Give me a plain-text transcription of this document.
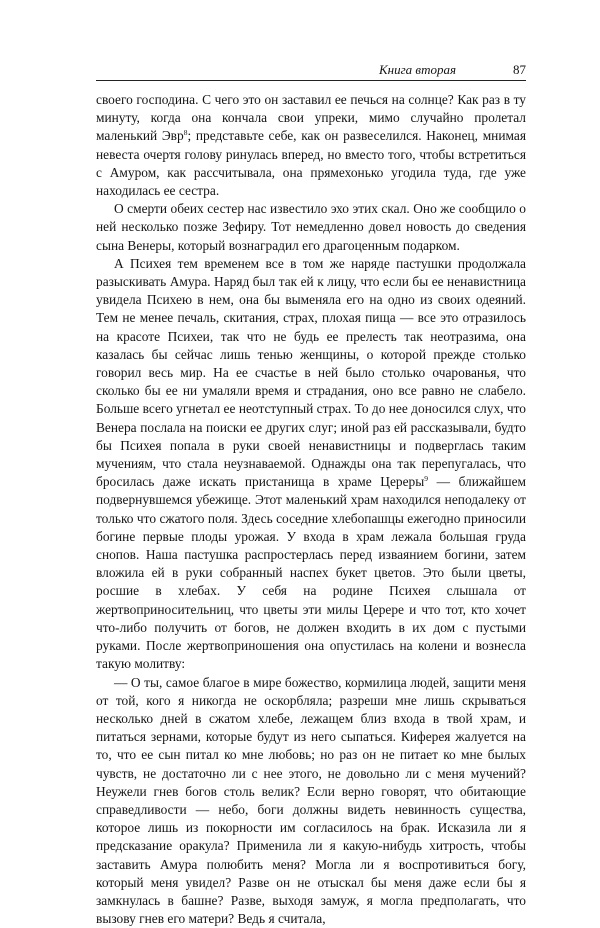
Книга вторая	87

своего господина. С чего это он заставил ее печься на солнце? Как раз в ту минуту, когда она кончала свои упреки, мимо случайно пролетал маленький Эвр$^8$; представьте себе, как он развеселился. Наконец, мнимая невеста очертя голову ринулась вперед, но вместо того, чтобы встретиться с Амуром, как рассчитывала, она прямехонько угодила туда, где уже находилась ее сестра.

О смерти обеих сестер нас известило эхо этих скал. Оно же сообщило о ней несколько позже Зефиру. Тот немедленно довел новость до сведения сына Венеры, который вознаградил его драгоценным подарком.

А Психея тем временем все в том же наряде пастушки продолжала разыскивать Амура. Наряд был так ей к лицу, что если бы ее ненавистница увидела Психею в нем, она бы выменяла его на одно из своих одеяний. Тем не менее печаль, скитания, страх, плохая пища — все это отразилось на красоте Психеи, так что не будь ее прелесть так неотразима, она казалась бы сейчас лишь тенью женщины, о которой прежде столько говорил весь мир. На ее счастье в ней было столько очарованья, что сколько бы ее ни умаляли время и страдания, оно все равно не слабело. Больше всего угнетал ее неотступный страх. То до нее доносился слух, что Венера послала на поиски ее других слуг; иной раз ей рассказывали, будто бы Психея попала в руки своей ненавистницы и подверглась таким мучениям, что стала неузнаваемой. Однажды она так перепугалась, что бросилась даже искать пристанища в храме Цереры$^9$ — ближайшем подвернувшемся убежище. Этот маленький храм находился неподалеку от только что сжатого поля. Здесь соседние хлебопашцы ежегодно приносили богине первые плоды урожая. У входа в храм лежала большая груда снопов. Наша пастушка распростерлась перед изваянием богини, затем вложила ей в руки собранный наспех букет цветов. Это были цветы, росшие в хлебах. У себя на родине Психея слышала от жертвоприносительниц, что цветы эти милы Церере и что тот, кто хочет что-либо получить от богов, не должен входить в их дом с пустыми руками. После жертвоприношения она опустилась на колени и вознесла такую молитву:

— О ты, самое благое в мире божество, кормилица людей, защити меня от той, кого я никогда не оскорбляла; разреши мне лишь скрываться несколько дней в сжатом хлебе, лежащем близ входа в твой храм, и питаться зернами, которые будут из него сыпаться. Киферея жалуется на то, что ее сын питал ко мне любовь; но раз он не питает ко мне былых чувств, не достаточно ли с нее этого, не довольно ли с меня мучений? Неужели гнев богов столь велик? Если верно говорят, что обитающие справедливости — небо, боги должны видеть невинность существа, которое лишь из покорности им согласилось на брак. Исказила ли я предсказание оракула? Применила ли я какую-нибудь хитрость, чтобы заставить Амура полюбить меня? Могла ли я воспротивиться богу, который меня увидел? Разве он не отыскал бы меня даже если бы я замкнулась в башне? Разве, выходя замуж, я могла предполагать, что вызову гнев его матери? Ведь я считала,
